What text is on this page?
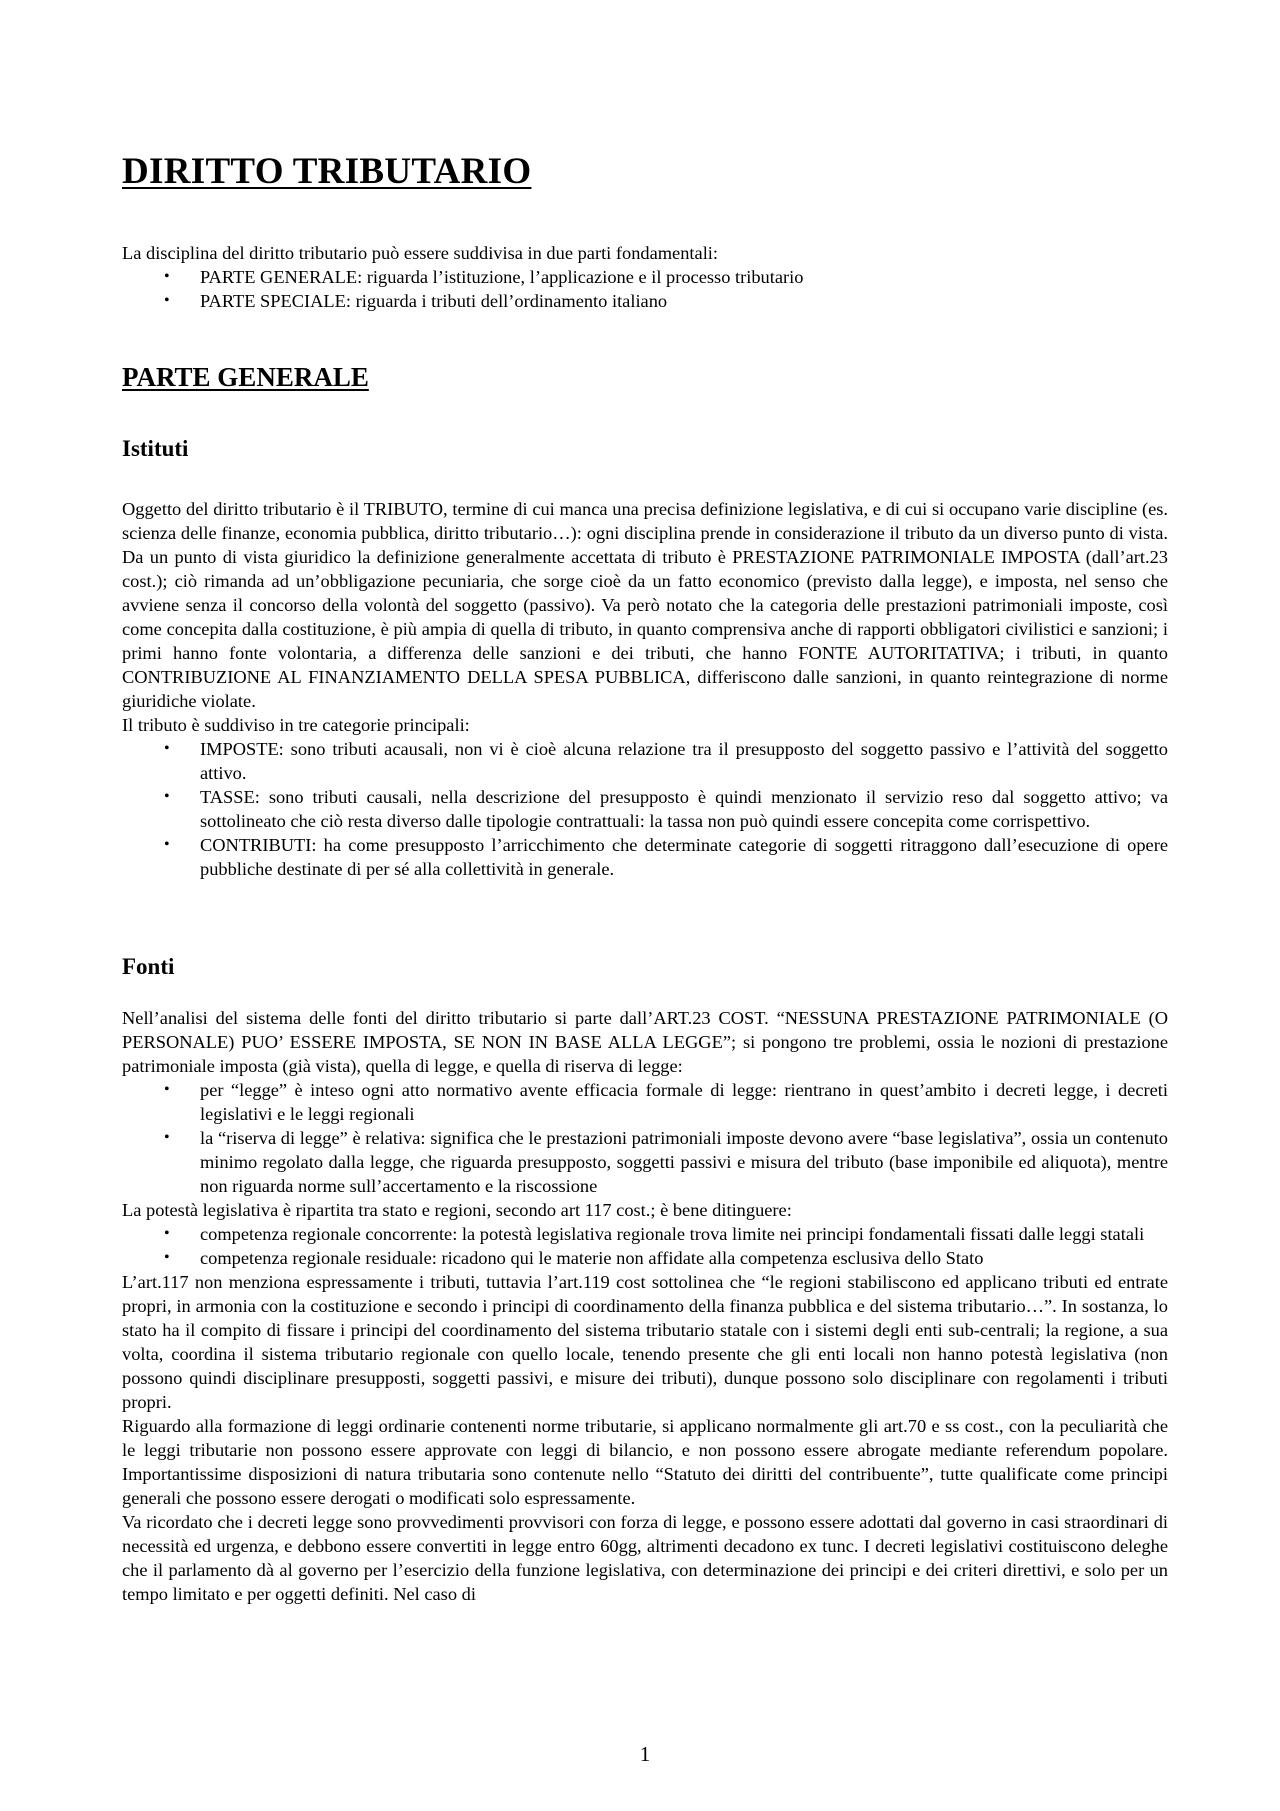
DIRITTO TRIBUTARIO

La disciplina del diritto tributario può essere suddivisa in due parti fondamentali:

• PARTE GENERALE: riguarda l’istituzione, l’applicazione e il processo tributario
• PARTE SPECIALE: riguarda i tributi dell’ordinamento italiano
PARTE GENERALE
Istituti

Oggetto del diritto tributario è il TRIBUTO, termine di cui manca una precisa definizione legislativa, e di cui si occupano varie discipline (es. scienza delle finanze, economia pubblica, diritto tributario…): ogni disciplina prende in considerazione il tributo da un diverso punto di vista. Da un punto di vista giuridico la definizione generalmente accettata di tributo è PRESTAZIONE PATRIMONIALE IMPOSTA (dall’art.23 cost.); ciò rimanda ad un’obbligazione pecuniaria, che sorge cioè da un fatto economico (previsto dalla legge), e imposta, nel senso che avviene senza il concorso della volontà del soggetto (passivo). Va però notato che la categoria delle prestazioni patrimoniali imposte, così come concepita dalla costituzione, è più ampia di quella di tributo, in quanto comprensiva anche di rapporti obbligatori civilistici e sanzioni; i primi hanno fonte volontaria, a differenza delle sanzioni e dei tributi, che hanno FONTE AUTORITATIVA; i tributi, in quanto CONTRIBUZIONE AL FINANZIAMENTO DELLA SPESA PUBBLICA, differiscono dalle sanzioni, in quanto reintegrazione di norme giuridiche violate.

Il tributo è suddiviso in tre categorie principali:

• IMPOSTE: sono tributi acausali, non vi è cioè alcuna relazione tra il presupposto del soggetto passivo e l’attività del soggetto attivo.
• TASSE: sono tributi causali, nella descrizione del presupposto è quindi menzionato il servizio reso dal soggetto attivo; va sottolineato che ciò resta diverso dalle tipologie contrattuali: la tassa non può quindi essere concepita come corrispettivo.
• CONTRIBUTI: ha come presupposto l’arricchimento che determinate categorie di soggetti ritraggono dall’esecuzione di opere pubbliche destinate di per sé alla collettività in generale.
Fonti

Nell’analisi del sistema delle fonti del diritto tributario si parte dall’ART.23 COST. “NESSUNA PRESTAZIONE PATRIMONIALE (O PERSONALE) PUO’ ESSERE IMPOSTA, SE NON IN BASE ALLA LEGGE”; si pongono tre problemi, ossia le nozioni di prestazione patrimoniale imposta (già vista), quella di legge, e quella di riserva di legge:

• per “legge” è inteso ogni atto normativo avente efficacia formale di legge: rientrano in quest’ambito i decreti legge, i decreti legislativi e le leggi regionali
• la “riserva di legge” è relativa: significa che le prestazioni patrimoniali imposte devono avere “base legislativa”, ossia un contenuto minimo regolato dalla legge, che riguarda presupposto, soggetti passivi e misura del tributo (base imponibile ed aliquota), mentre non riguarda norme sull’accertamento e la riscossione

La potestà legislativa è ripartita tra stato e regioni, secondo art 117 cost.; è bene ditinguere:

• competenza regionale concorrente: la potestà legislativa regionale trova limite nei principi fondamentali fissati dalle leggi statali
• competenza regionale residuale: ricadono qui le materie non affidate alla competenza esclusiva dello Stato

L’art.117 non menziona espressamente i tributi, tuttavia l’art.119 cost sottolinea che “le regioni stabiliscono ed applicano tributi ed entrate propri, in armonia con la costituzione e secondo i principi di coordinamento della finanza pubblica e del sistema tributario…”. In sostanza, lo stato ha il compito di fissare i principi del coordinamento del sistema tributario statale con i sistemi degli enti sub-centrali; la regione, a sua volta, coordina il sistema tributario regionale con quello locale, tenendo presente che gli enti locali non hanno potestà legislativa (non possono quindi disciplinare presupposti, soggetti passivi, e misure dei tributi), dunque possono solo disciplinare con regolamenti i tributi propri.

Riguardo alla formazione di leggi ordinarie contenenti norme tributarie, si applicano normalmente gli art.70 e ss cost., con la peculiarità che le leggi tributarie non possono essere approvate con leggi di bilancio, e non possono essere abrogate mediante referendum popolare. Importantissime disposizioni di natura tributaria sono contenute nello “Statuto dei diritti del contribuente”, tutte qualificate come principi generali che possono essere derogati o modificati solo espressamente.

Va ricordato che i decreti legge sono provvedimenti provvisori con forza di legge, e possono essere adottati dal governo in casi straordinari di necessità ed urgenza, e debbono essere convertiti in legge entro 60gg, altrimenti decadono ex tunc. I decreti legislativi costituiscono deleghe che il parlamento dà al governo per l’esercizio della funzione legislativa, con determinazione dei principi e dei criteri direttivi, e solo per un tempo limitato e per oggetti definiti. Nel caso di

1
